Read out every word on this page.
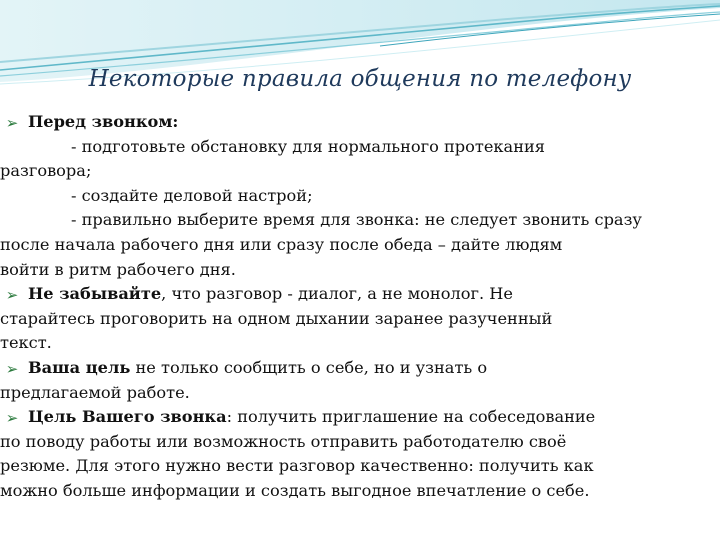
Некоторые правила общения по телефону
➢ Перед звонком:
- подготовьте обстановку для нормального протекания
разговора;
- создайте деловой настрой;
- правильно выберите время для звонка: не следует звонить сразу
после начала рабочего дня или сразу после обеда – дайте людям
войти в ритм рабочего дня.
➢ Не забывайте, что разговор - диалог, а не монолог. Не
старайтесь проговорить на одном дыхании заранее разученный
текст.
➢ Ваша цель не только сообщить о себе, но и узнать о
предлагаемой работе.
➢ Цель Вашего звонка: получить приглашение на собеседование
по поводу работы или возможность отправить работодателю своё
резюме. Для этого нужно вести разговор качественно: получить как
можно больше информации и создать выгодное впечатление о себе.
